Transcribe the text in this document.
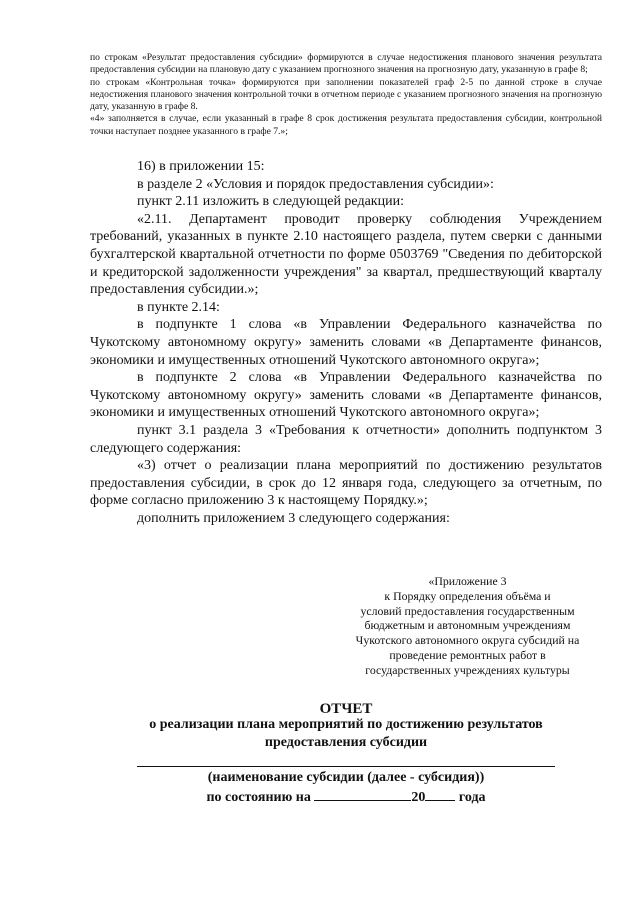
по строкам «Результат предоставления субсидии» формируются в случае недостижения планового значения результата предоставления субсидии на плановую дату с указанием прогнозного значения на прогнозную дату, указанную в графе 8;

по строкам «Контрольная точка» формируются при заполнении показателей граф 2-5 по данной строке в случае недостижения планового значения контрольной точки в отчетном периоде с указанием прогнозного значения на прогнозную дату, указанную в графе 8.

«4» заполняется в случае, если указанный в графе 8 срок достижения результата предоставления субсидии, контрольной точки наступает позднее указанного в графе 7.»;

16) в приложении 15:

в разделе 2 «Условия и порядок предоставления субсидии»:

пункт 2.11 изложить в следующей редакции:

«2.11. Департамент проводит проверку соблюдения Учреждением требований, указанных в пункте 2.10 настоящего раздела, путем сверки с данными бухгалтерской квартальной отчетности по форме 0503769 "Сведения по дебиторской и кредиторской задолженности учреждения" за квартал, предшествующий кварталу предоставления субсидии.»;

в пункте 2.14:

в подпункте 1 слова «в Управлении Федерального казначейства по Чукотскому автономному округу» заменить словами «в Департаменте финансов, экономики и имущественных отношений Чукотского автономного округа»;

в подпункте 2 слова «в Управлении Федерального казначейства по Чукотскому автономному округу» заменить словами «в Департаменте финансов, экономики и имущественных отношений Чукотского автономного округа»;

пункт 3.1 раздела 3 «Требования к отчетности» дополнить подпунктом 3 следующего содержания:

«3) отчет о реализации плана мероприятий по достижению результатов предоставления субсидии, в срок до 12 января года, следующего за отчетным, по форме согласно приложению 3 к настоящему Порядку.»;

дополнить приложением 3 следующего содержания:

«Приложение 3
к Порядку определения объёма и
условий предоставления государственным
бюджетным и автономным учреждениям
Чукотского автономного округа субсидий на
проведение ремонтных работ в
государственных учреждениях культуры
ОТЧЕТ
о реализации плана мероприятий по достижению результатов
предоставления субсидии
(наименование субсидии (далее - субсидия))
по состоянию на	20 года
